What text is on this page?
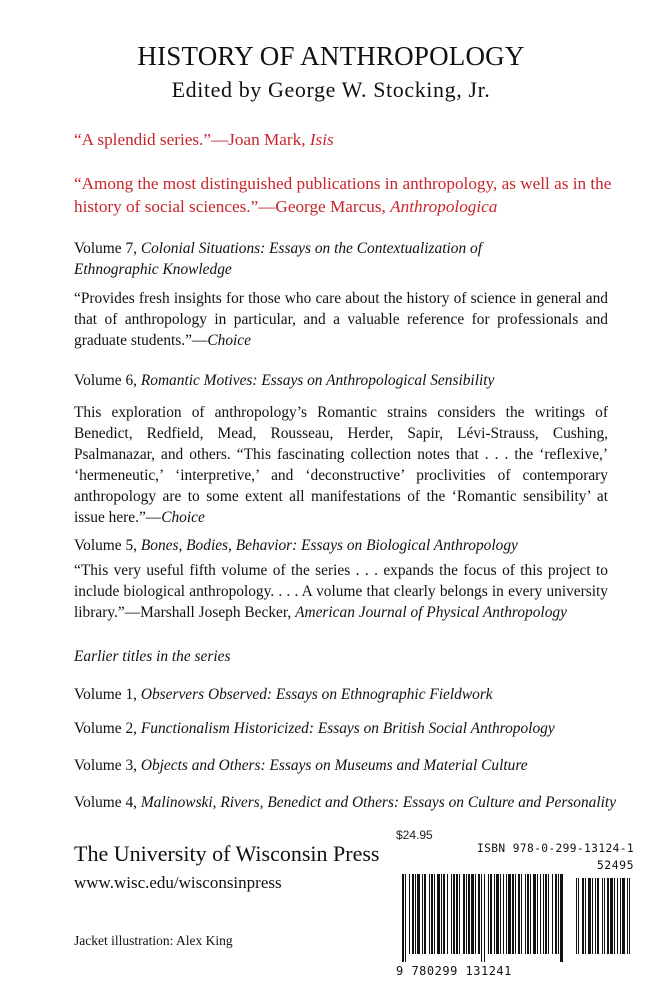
HISTORY OF ANTHROPOLOGY
Edited by George W. Stocking, Jr.
“A splendid series.”—Joan Mark, Isis
“Among the most distinguished publications in anthropology, as well as in the history of social sciences.”—George Marcus, Anthropologica
Volume 7, Colonial Situations: Essays on the Contextualization of Ethnographic Knowledge
“Provides fresh insights for those who care about the history of science in general and that of anthropology in particular, and a valuable reference for professionals and graduate students.”—Choice
Volume 6, Romantic Motives: Essays on Anthropological Sensibility
This exploration of anthropology’s Romantic strains considers the writings of Benedict, Redfield, Mead, Rousseau, Herder, Sapir, Lévi-Strauss, Cushing, Psalmanazar, and others. “This fascinating collection notes that . . . the ‘reflexive,’ ‘hermeneutic,’ ‘interpretive,’ and ‘deconstructive’ proclivities of contemporary anthropology are to some extent all manifestations of the ‘Romantic sensibility’ at issue here.”—Choice
Volume 5, Bones, Bodies, Behavior: Essays on Biological Anthropology
“This very useful fifth volume of the series . . . expands the focus of this project to include biological anthropology. . . . A volume that clearly belongs in every university library.”—Marshall Joseph Becker, American Journal of Physical Anthropology
Earlier titles in the series
Volume 1, Observers Observed: Essays on Ethnographic Fieldwork
Volume 2, Functionalism Historicized: Essays on British Social Anthropology
Volume 3, Objects and Others: Essays on Museums and Material Culture
Volume 4, Malinowski, Rivers, Benedict and Others: Essays on Culture and Personality
The University of Wisconsin Press
www.wisc.edu/wisconsinpress
Jacket illustration: Alex King
$24.95
ISBN 978-0-299-13124-1
52495
9 780299 131241
